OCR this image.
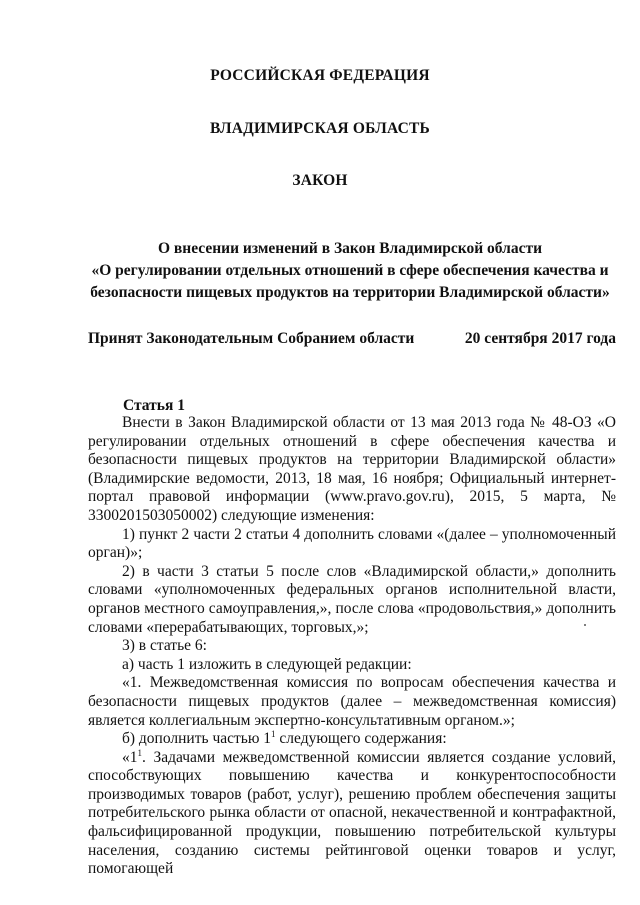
РОССИЙСКАЯ ФЕДЕРАЦИЯ
ВЛАДИМИРСКАЯ ОБЛАСТЬ
ЗАКОН
О внесении изменений в Закон Владимирской области
«О регулировании отдельных отношений в сфере обеспечения качества и
безопасности пищевых продуктов на территории Владимирской области»
Принят Законодательным Собранием области	20 сентября 2017 года
Статья 1

Внести в Закон Владимирской области от 13 мая 2013 года № 48-ОЗ «О регулировании отдельных отношений в сфере обеспечения качества и безопасности пищевых продуктов на территории Владимирской области» (Владимирские ведомости, 2013, 18 мая, 16 ноября; Официальный интернет-портал правовой информации (www.pravo.gov.ru), 2015, 5 марта, № 3300201503050002) следующие изменения:

1) пункт 2 части 2 статьи 4 дополнить словами «(далее – уполномоченный орган)»;

2) в части 3 статьи 5 после слов «Владимирской области,» дополнить словами «уполномоченных федеральных органов исполнительной власти, органов местного самоуправления,», после слова «продовольствия,» дополнить словами «перерабатывающих, торговых,»;

3) в статье 6:

а) часть 1 изложить в следующей редакции:

«1. Межведомственная комиссия по вопросам обеспечения качества и безопасности пищевых продуктов (далее – межведомственная комиссия) является коллегиальным экспертно-консультативным органом.»;

б) дополнить частью $1^1$ следующего содержания:

«$1^1$. Задачами межведомственной комиссии является создание условий, способствующих повышению качества и конкурентоспособности производимых товаров (работ, услуг), решению проблем обеспечения защиты потребительского рынка области от опасной, некачественной и контрафактной, фальсифицированной продукции, повышению потребительской культуры населения, созданию системы рейтинговой оценки товаров и услуг, помогающей
